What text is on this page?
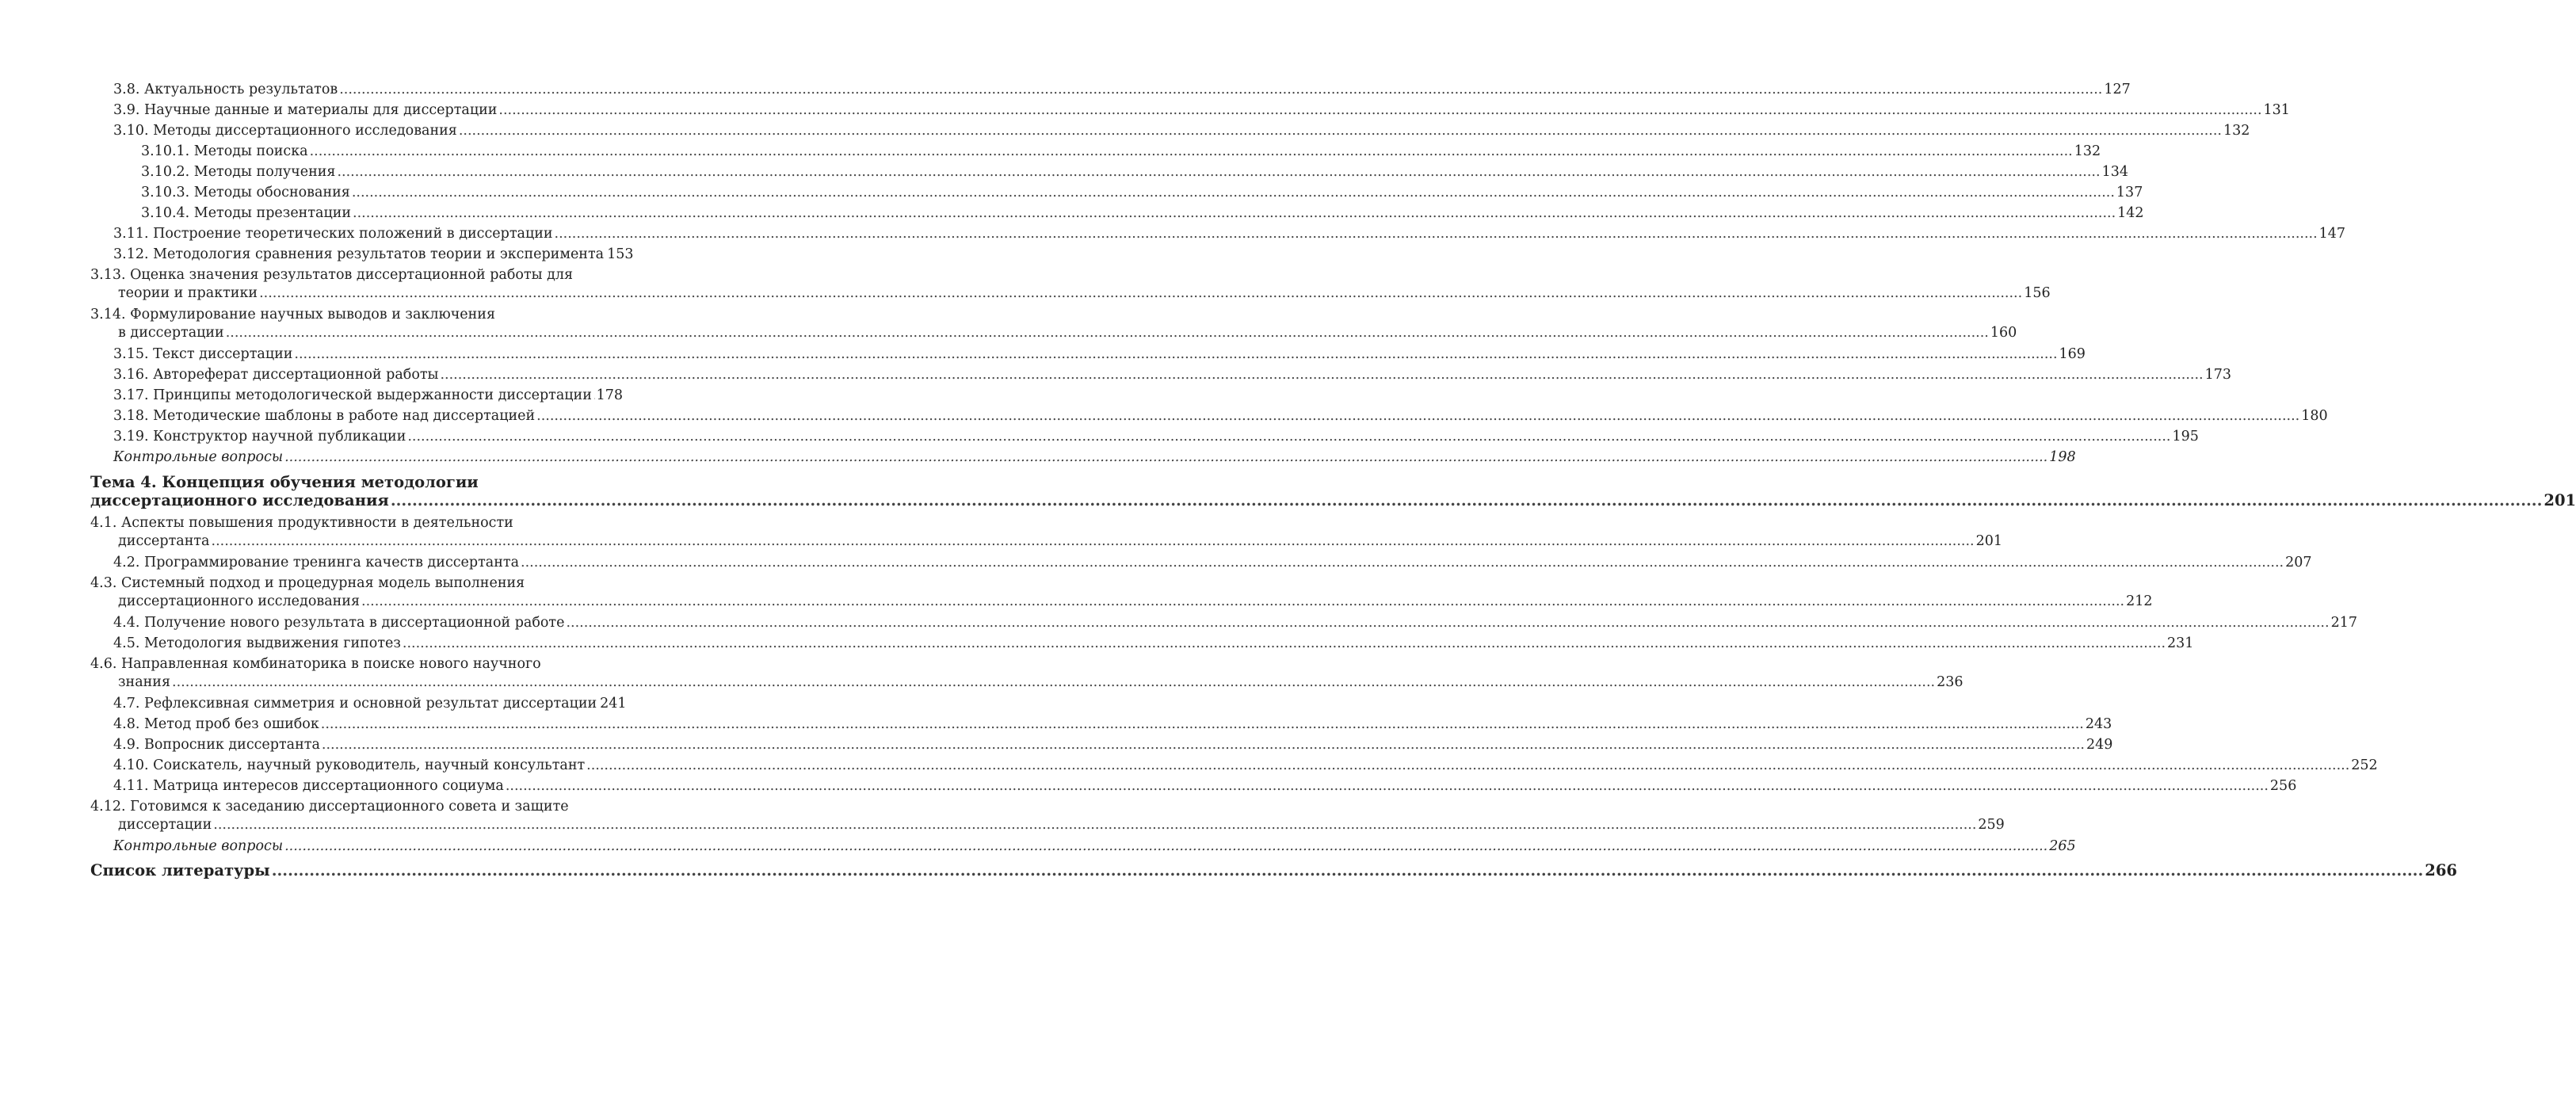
3.8. Актуальность результатов ................................................................................................................................................................................................................................................................................................................................................................................................................ 127
3.9. Научные данные и материалы для диссертации ................................................................................................................................................................................................................................................................................................................................................................................................................ 131
3.10. Методы диссертационного исследования ................................................................................................................................................................................................................................................................................................................................................................................................................ 132
3.10.1. Методы поиска ................................................................................................................................................................................................................................................................................................................................................................................................................ 132
3.10.2. Методы получения ................................................................................................................................................................................................................................................................................................................................................................................................................ 134
3.10.3. Методы обоснования ................................................................................................................................................................................................................................................................................................................................................................................................................ 137
3.10.4. Методы презентации ................................................................................................................................................................................................................................................................................................................................................................................................................ 142
3.11. Построение теоретических положений в диссертации ................................................................................................................................................................................................................................................................................................................................................................................................................ 147
3.12. Методология сравнения результатов теории и эксперимента 153
3.13. Оценка значения результатов диссертационной работы для
теории и практики ................................................................................................................................................................................................................................................................................................................................................................................................................ 156
3.14. Формулирование научных выводов и заключения
в диссертации ................................................................................................................................................................................................................................................................................................................................................................................................................ 160
3.15. Текст диссертации ................................................................................................................................................................................................................................................................................................................................................................................................................ 169
3.16. Автореферат диссертационной работы ................................................................................................................................................................................................................................................................................................................................................................................................................ 173
3.17. Принципы методологической выдержанности диссертации 178
3.18. Методические шаблоны в работе над диссертацией ................................................................................................................................................................................................................................................................................................................................................................................................................ 180
3.19. Конструктор научной публикации ................................................................................................................................................................................................................................................................................................................................................................................................................ 195
Контрольные вопросы ................................................................................................................................................................................................................................................................................................................................................................................................................ 198
Тема 4. Концепция обучения методологии
диссертационного исследования ................................................................................................................................................................................................................................................................................................................................................................................................................ 201
4.1. Аспекты повышения продуктивности в деятельности
диссертанта ................................................................................................................................................................................................................................................................................................................................................................................................................ 201
4.2. Программирование тренинга качеств диссертанта ................................................................................................................................................................................................................................................................................................................................................................................................................ 207
4.3. Системный подход и процедурная модель выполнения
диссертационного исследования ................................................................................................................................................................................................................................................................................................................................................................................................................ 212
4.4. Получение нового результата в диссертационной работе ................................................................................................................................................................................................................................................................................................................................................................................................................ 217
4.5. Методология выдвижения гипотез ................................................................................................................................................................................................................................................................................................................................................................................................................ 231
4.6. Направленная комбинаторика в поиске нового научного
знания ................................................................................................................................................................................................................................................................................................................................................................................................................ 236
4.7. Рефлексивная симметрия и основной результат диссертации 241
4.8. Метод проб без ошибок ................................................................................................................................................................................................................................................................................................................................................................................................................ 243
4.9. Вопросник диссертанта ................................................................................................................................................................................................................................................................................................................................................................................................................ 249
4.10. Соискатель, научный руководитель, научный консультант ................................................................................................................................................................................................................................................................................................................................................................................................................ 252
4.11. Матрица интересов диссертационного социума ................................................................................................................................................................................................................................................................................................................................................................................................................ 256
4.12. Готовимся к заседанию диссертационного совета и защите
диссертации ................................................................................................................................................................................................................................................................................................................................................................................................................ 259
Контрольные вопросы ................................................................................................................................................................................................................................................................................................................................................................................................................ 265
Список литературы ................................................................................................................................................................................................................................................................................................................................................................................................................ 266
